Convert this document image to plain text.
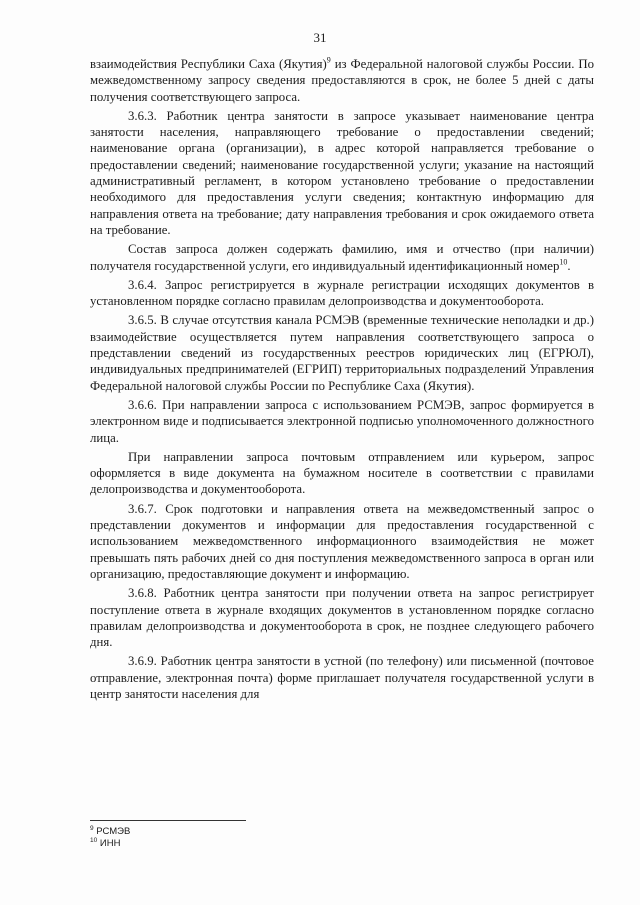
31

взаимодействия Республики Саха (Якутия)$^9$ из Федеральной налоговой службы России. По межведомственному запросу сведения предоставляются в срок, не более 5 дней с даты получения соответствующего запроса.

3.6.3. Работник центра занятости в запросе указывает наименование центра занятости населения, направляющего требование о предоставлении сведений; наименование органа (организации), в адрес которой направляется требование о предоставлении сведений; наименование государственной услуги; указание на настоящий административный регламент, в котором установлено требование о предоставлении необходимого для предоставления услуги сведения; контактную информацию для направления ответа на требование; дату направления требования и срок ожидаемого ответа на требование.

Состав запроса должен содержать фамилию, имя и отчество (при наличии) получателя государственной услуги, его индивидуальный идентификационный номер$^{10}$.

3.6.4. Запрос регистрируется в журнале регистрации исходящих документов в установленном порядке согласно правилам делопроизводства и документооборота.

3.6.5. В случае отсутствия канала РСМЭВ (временные технические неполадки и др.) взаимодействие осуществляется путем направления соответствующего запроса о представлении сведений из государственных реестров юридических лиц (ЕГРЮЛ), индивидуальных предпринимателей (ЕГРИП) территориальных подразделений Управления Федеральной налоговой службы России по Республике Саха (Якутия).

3.6.6. При направлении запроса с использованием РСМЭВ, запрос формируется в электронном виде и подписывается электронной подписью уполномоченного должностного лица.

При направлении запроса почтовым отправлением или курьером, запрос оформляется в виде документа на бумажном носителе в соответствии с правилами делопроизводства и документооборота.

3.6.7. Срок подготовки и направления ответа на межведомственный запрос о представлении документов и информации для предоставления государственной с использованием межведомственного информационного взаимодействия не может превышать пять рабочих дней со дня поступления межведомственного запроса в орган или организацию, предоставляющие документ и информацию.

3.6.8. Работник центра занятости при получении ответа на запрос регистрирует поступление ответа в журнале входящих документов в установленном порядке согласно правилам делопроизводства и документооборота в срок, не позднее следующего рабочего дня.

3.6.9. Работник центра занятости в устной (по телефону) или письменной (почтовое отправление, электронная почта) форме приглашает получателя государственной услуги в центр занятости населения для

$^9$ РСМЭВ
$^{10}$ ИНН
